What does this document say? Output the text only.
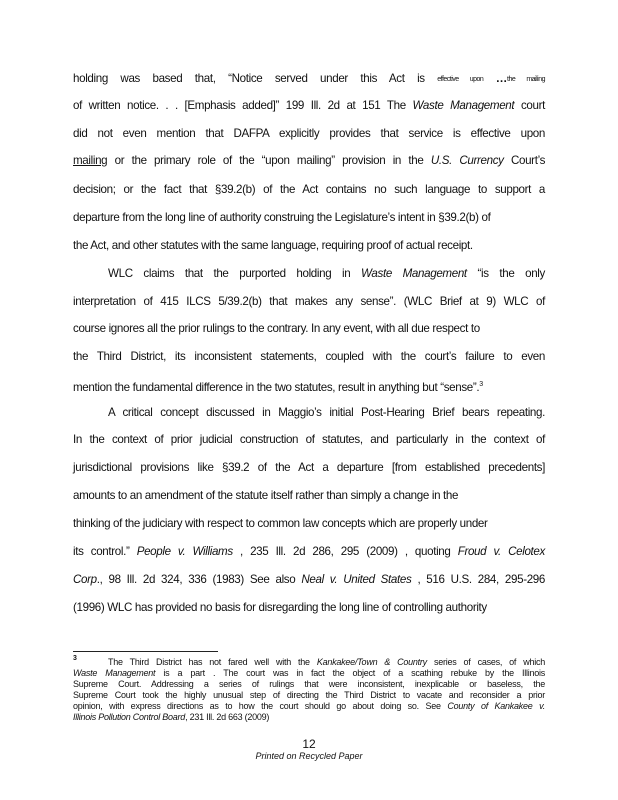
holding was based that, “Notice served under this Act is effective upon …the mailing
of written notice. . . [Emphasis added]” 199 Ill. 2d at 151 The Waste Management court
did not even mention that DAFPA explicitly provides that service is effective upon
mailing or the primary role of the “upon mailing” provision in the U.S. Currency Court’s
decision; or the fact that §39.2(b) of the Act contains no such language to support a
departure from the long line of authority construing the Legislature’s intent in §39.2(b) of
the Act, and other statutes with the same language, requiring proof of actual receipt.
WLC claims that the purported holding in Waste Management “is the only
interpretation of 415 ILCS 5/39.2(b) that makes any sense”. (WLC Brief at 9) WLC of
course ignores all the prior rulings to the contrary. In any event, with all due respect to
the Third District, its inconsistent statements, coupled with the court’s failure to even
mention the fundamental difference in the two statutes, result in anything but “sense”.$^3$
A critical concept discussed in Maggio’s initial Post-Hearing Brief bears repeating.
In the context of prior judicial construction of statutes, and particularly in the context of
jurisdictional provisions like §39.2 of the Act a departure [from established precedents]
amounts to an amendment of the statute itself rather than simply a change in the
thinking of the judiciary with respect to common law concepts which are properly under
its control.” People v. Williams , 235 Ill. 2d 286, 295 (2009) , quoting Froud v. Celotex
Corp., 98 Ill. 2d 324, 336 (1983) See also Neal v. United States , 516 U.S. 284, 295-296
(1996) WLC has provided no basis for disregarding the long line of controlling authority
3	The Third District has not fared well with the Kankakee/Town & Country series of cases, of which
Waste Management is a part . The court was in fact the object of a scathing rebuke by the Illinois
Supreme Court. Addressing a series of rulings that were inconsistent, inexplicable or baseless, the
Supreme Court took the highly unusual step of directing the Third District to vacate and reconsider a prior
opinion, with express directions as to how the court should go about doing so. See County of Kankakee v.
Illinois Pollution Control Board, 231 Ill. 2d 663 (2009)
12
Printed on Recycled Paper
